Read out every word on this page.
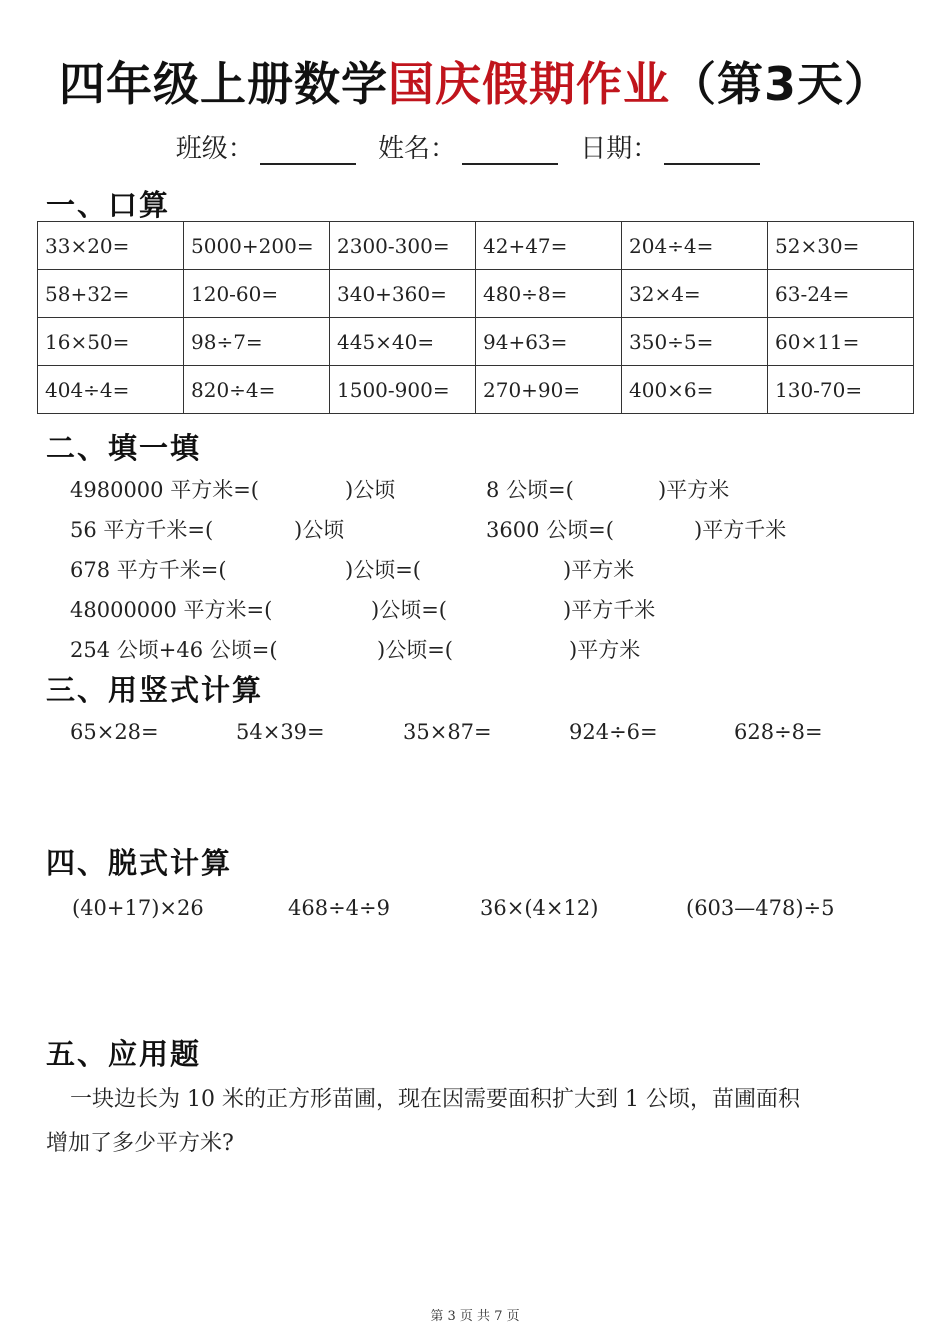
四年级上册数学国庆假期作业（第3天）
班级：	姓名：	日期：
一、口算
33×20=	5000+200=	2300-300=	42+47=	204÷4=	52×30=
58+32=	120-60=	340+360=	480÷8=	32×4=	63-24=
16×50=	98÷7=	445×40=	94+63=	350÷5=	60×11=
404÷4=	820÷4=	1500-900=	270+90=	400×6=	130-70=
二、填一填
4980000 平方米=(	)公顷	8 公顷=(	)平方米
56 平方千米=(	)公顷	3600 公顷=(	)平方千米
678 平方千米=(	)公顷=(	)平方米
48000000 平方米=(	)公顷=(	)平方千米
254 公顷+46 公顷=(	)公顷=(	)平方米
三、用竖式计算
65×28=	54×39=	35×87=	924÷6=	628÷8=
四、脱式计算
(40+17)×26	468÷4÷9	36×(4×12)	(603—478)÷5
五、应用题
一块边长为 10 米的正方形苗圃，现在因需要面积扩大到 1 公顷，苗圃面积
增加了多少平方米?
第 3 页 共 7 页
